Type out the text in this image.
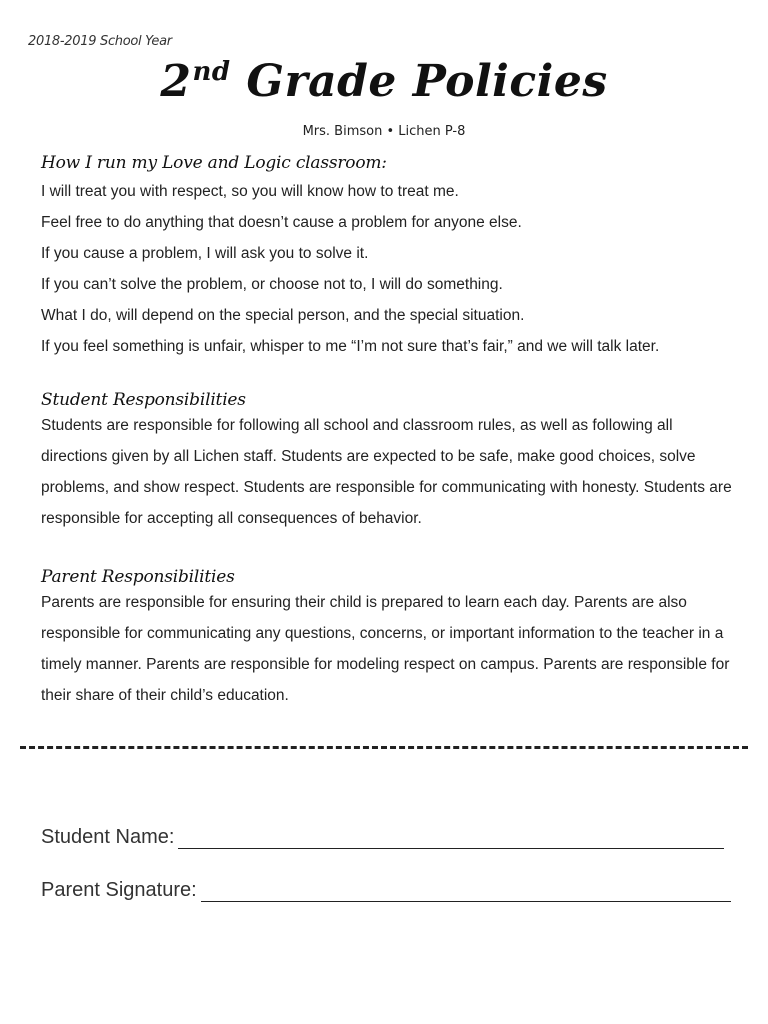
2018-2019 School Year
2nd Grade Policies
Mrs. Bimson • Lichen P-8
How I run my Love and Logic classroom:

I will treat you with respect, so you will know how to treat me.

Feel free to do anything that doesn’t cause a problem for anyone else.

If you cause a problem, I will ask you to solve it.

If you can’t solve the problem, or choose not to, I will do something.

What I do, will depend on the special person, and the special situation.

If you feel something is unfair, whisper to me “I’m not sure that’s fair,” and we will talk later.

Student Responsibilities

Students are responsible for following all school and classroom rules, as well as following all directions given by all Lichen staff. Students are expected to be safe, make good choices, solve problems, and show respect. Students are responsible for communicating with honesty. Students are responsible for accepting all consequences of behavior.

Parent Responsibilities

Parents are responsible for ensuring their child is prepared to learn each day. Parents are also responsible for communicating any questions, concerns, or important information to the teacher in a timely manner. Parents are responsible for modeling respect on campus. Parents are responsible for their share of their child’s education.

Student Name:
Parent Signature:
